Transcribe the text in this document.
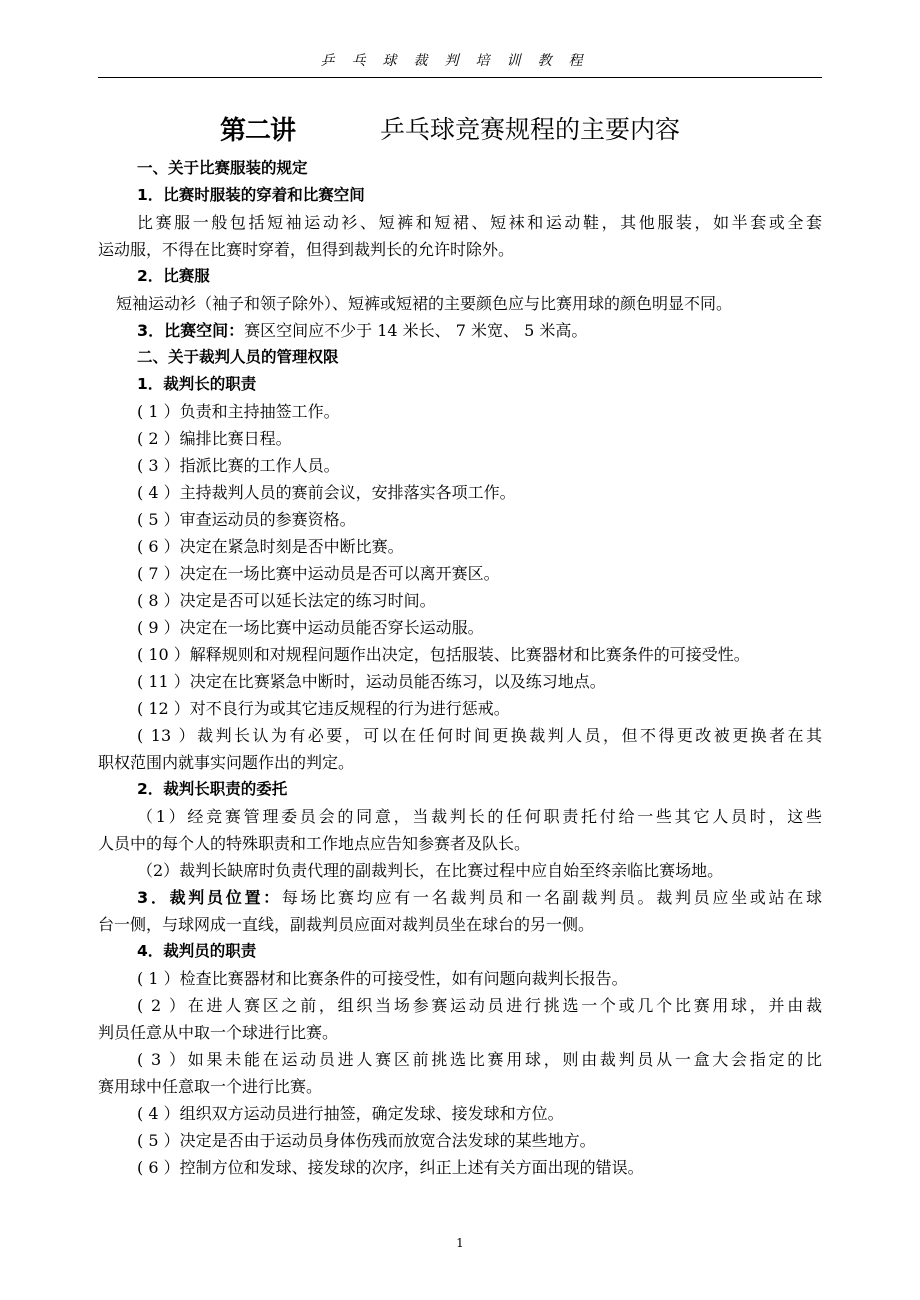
乒乓球裁判培训教程
第二讲	乒乓球竞赛规程的主要内容
一、关于比赛服装的规定
1．比赛时服装的穿着和比赛空间
比赛服一般包括短袖运动衫、短裤和短裙、短袜和运动鞋，其他服装，如半套或全套
运动服，不得在比赛时穿着，但得到裁判长的允许时除外。
2．比赛服
短袖运动衫（袖子和领子除外）、短裤或短裙的主要颜色应与比赛用球的颜色明显不同。
3．比赛空间：赛区空间应不少于 14 米长、 7 米宽、 5 米高。
二、关于裁判人员的管理权限
1．裁判长的职责
( 1 ）负责和主持抽签工作。
( 2 ）编排比赛日程。
( 3 ）指派比赛的工作人员。
( 4 ）主持裁判人员的赛前会议，安排落实各项工作。
( 5 ）审查运动员的参赛资格。
( 6 ）决定在紧急时刻是否中断比赛。
( 7 ）决定在一场比赛中运动员是否可以离开赛区。
( 8 ）决定是否可以延长法定的练习时间。
( 9 ）决定在一场比赛中运动员能否穿长运动服。
( 10 ）解释规则和对规程问题作出决定，包括服装、比赛器材和比赛条件的可接受性。
( 11 ）决定在比赛紧急中断时，运动员能否练习，以及练习地点。
( 12 ）对不良行为或其它违反规程的行为进行惩戒。
( 13 ）裁判长认为有必要，可以在任何时间更换裁判人员，但不得更改被更换者在其
职权范围内就事实问题作出的判定。
2．裁判长职责的委托
（1）经竞赛管理委员会的同意，当裁判长的任何职责托付给一些其它人员时，这些
人员中的每个人的特殊职责和工作地点应告知参赛者及队长。
（2）裁判长缺席时负责代理的副裁判长，在比赛过程中应自始至终亲临比赛场地。
3．裁判员位置：每场比赛均应有一名裁判员和一名副裁判员。裁判员应坐或站在球
台一侧，与球网成一直线，副裁判员应面对裁判员坐在球台的另一侧。
4．裁判员的职责
( 1 ）检查比赛器材和比赛条件的可接受性，如有问题向裁判长报告。
( 2 ）在进人赛区之前，组织当场参赛运动员进行挑选一个或几个比赛用球，并由裁
判员任意从中取一个球进行比赛。
( 3 ）如果未能在运动员进人赛区前挑选比赛用球，则由裁判员从一盒大会指定的比
赛用球中任意取一个进行比赛。
( 4 ）组织双方运动员进行抽签，确定发球、接发球和方位。
( 5 ）决定是否由于运动员身体伤残而放宽合法发球的某些地方。
( 6 ）控制方位和发球、接发球的次序，纠正上述有关方面出现的错误。
1
